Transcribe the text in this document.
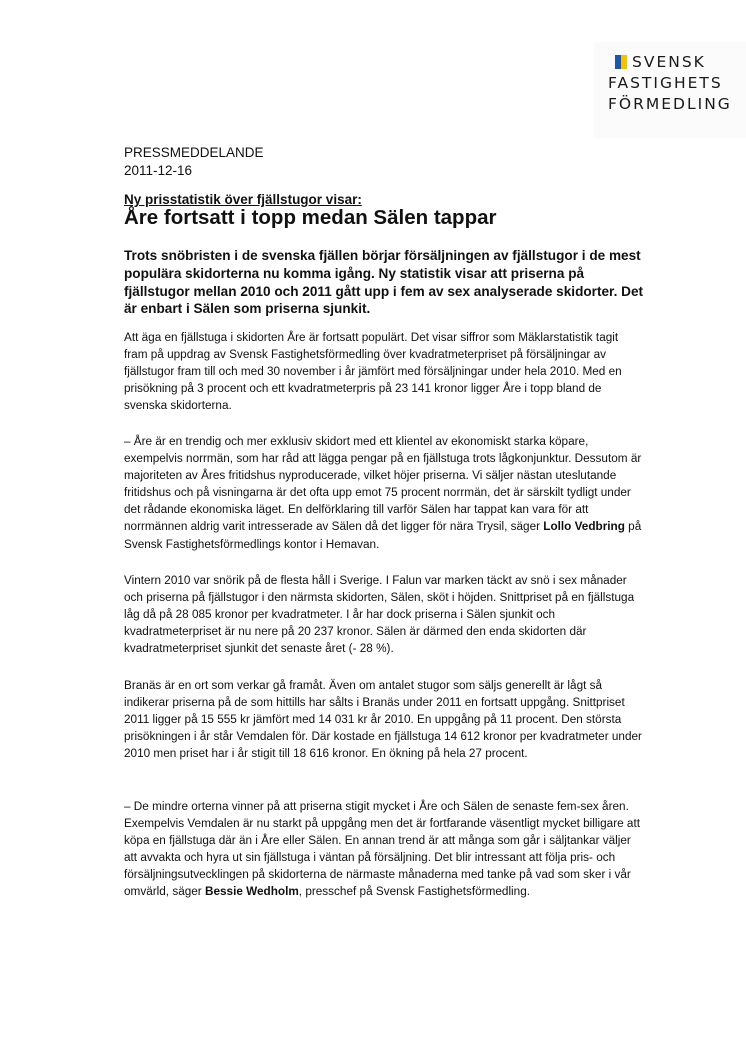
SVENSK
FASTIGHETS
FÖRMEDLING
PRESSMEDDELANDE
2011-12-16
Ny prisstatistik över fjällstugor visar:
Åre fortsatt i topp medan Sälen tappar

Trots snöbristen i de svenska fjällen börjar försäljningen av fjällstugor i de mest populära skidorterna nu komma igång. Ny statistik visar att priserna på fjällstugor mellan 2010 och 2011 gått upp i fem av sex analyserade skidorter. Det är enbart i Sälen som priserna sjunkit.

Att äga en fjällstuga i skidorten Åre är fortsatt populärt. Det visar siffror som Mäklarstatistik tagit fram på uppdrag av Svensk Fastighetsförmedling över kvadratmeterpriset på försäljningar av fjällstugor fram till och med 30 november i år jämfört med försäljningar under hela 2010. Med en prisökning på 3 procent och ett kvadratmeterpris på 23 141 kronor ligger Åre i topp bland de svenska skidorterna.

– Åre är en trendig och mer exklusiv skidort med ett klientel av ekonomiskt starka köpare, exempelvis norrmän, som har råd att lägga pengar på en fjällstuga trots lågkonjunktur. Dessutom är majoriteten av Åres fritidshus nyproducerade, vilket höjer priserna. Vi säljer nästan uteslutande fritidshus och på visningarna är det ofta upp emot 75 procent norrmän, det är särskilt tydligt under det rådande ekonomiska läget. En delförklaring till varför Sälen har tappat kan vara för att norrmännen aldrig varit intresserade av Sälen då det ligger för nära Trysil, säger Lollo Vedbring på Svensk Fastighetsförmedlings kontor i Hemavan.

Vintern 2010 var snörik på de flesta håll i Sverige. I Falun var marken täckt av snö i sex månader och priserna på fjällstugor i den närmsta skidorten, Sälen, sköt i höjden. Snittpriset på en fjällstuga låg då på 28 085 kronor per kvadratmeter. I år har dock priserna i Sälen sjunkit och kvadratmeterpriset är nu nere på 20 237 kronor. Sälen är därmed den enda skidorten där kvadratmeterpriset sjunkit det senaste året (- 28 %).

Branäs är en ort som verkar gå framåt. Även om antalet stugor som säljs generellt är lågt så indikerar priserna på de som hittills har sålts i Branäs under 2011 en fortsatt uppgång. Snittpriset 2011 ligger på 15 555 kr jämfört med 14 031 kr år 2010. En uppgång på 11 procent. Den största prisökningen i år står Vemdalen för. Där kostade en fjällstuga 14 612 kronor per kvadratmeter under 2010 men priset har i år stigit till 18 616 kronor. En ökning på hela 27 procent.

– De mindre orterna vinner på att priserna stigit mycket i Åre och Sälen de senaste fem-sex åren. Exempelvis Vemdalen är nu starkt på uppgång men det är fortfarande väsentligt mycket billigare att köpa en fjällstuga där än i Åre eller Sälen. En annan trend är att många som går i säljtankar väljer att avvakta och hyra ut sin fjällstuga i väntan på försäljning. Det blir intressant att följa pris- och försäljningsutvecklingen på skidorterna de närmaste månaderna med tanke på vad som sker i vår omvärld, säger Bessie Wedholm, presschef på Svensk Fastighetsförmedling.
